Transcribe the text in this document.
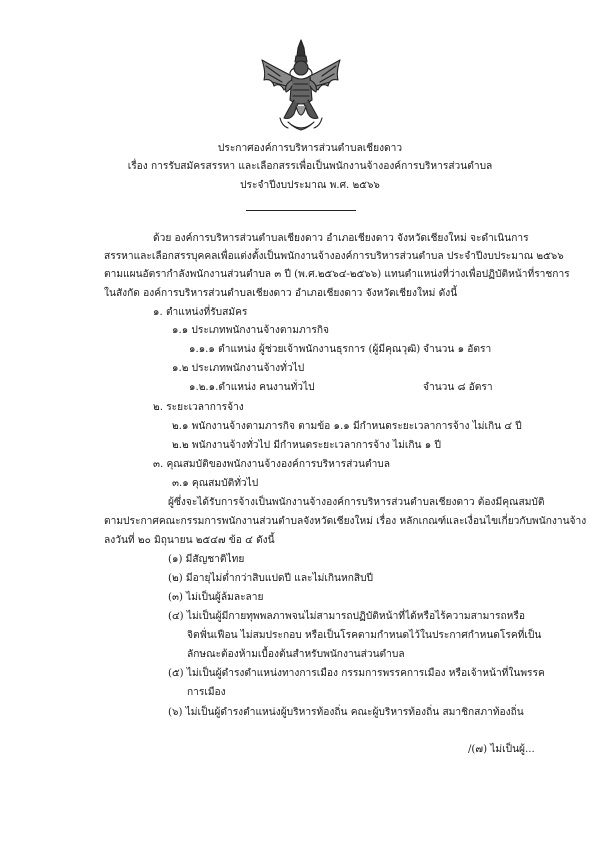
ประกาศองค์การบริหารส่วนตำบลเชียงดาว
เรื่อง การรับสมัครสรรหา และเลือกสรรเพื่อเป็นพนักงานจ้างองค์การบริหารส่วนตำบล
ประจำปีงบประมาณ พ.ศ. ๒๕๖๖
ด้วย องค์การบริหารส่วนตำบลเชียงดาว อำเภอเชียงดาว จังหวัดเชียงใหม่ จะดำเนินการ
สรรหาและเลือกสรรบุคคลเพื่อแต่งตั้งเป็นพนักงานจ้างองค์การบริหารส่วนตำบล ประจำปีงบประมาณ ๒๕๖๖
ตามแผนอัตรากำลังพนักงานส่วนตำบล ๓ ปี (พ.ศ.๒๕๖๔-๒๕๖๖) แทนตำแหน่งที่ว่างเพื่อปฏิบัติหน้าที่ราชการ
ในสังกัด องค์การบริหารส่วนตำบลเชียงดาว อำเภอเชียงดาว จังหวัดเชียงใหม่ ดังนี้
๑. ตำแหน่งที่รับสมัคร
๑.๑ ประเภทพนักงานจ้างตามภารกิจ
๑.๑.๑ ตำแหน่ง ผู้ช่วยเจ้าพนักงานธุรการ (ผู้มีคุณวุฒิ) จำนวน ๑ อัตรา
๑.๒ ประเภทพนักงานจ้างทั่วไป
๑.๒.๑.ตำแหน่ง คนงานทั่วไป	จำนวน ๘ อัตรา
๒. ระยะเวลาการจ้าง
๒.๑ พนักงานจ้างตามภารกิจ ตามข้อ ๑.๑ มีกำหนดระยะเวลาการจ้าง ไม่เกิน ๔ ปี
๒.๒ พนักงานจ้างทั่วไป มีกำหนดระยะเวลาการจ้าง ไม่เกิน ๑ ปี
๓. คุณสมบัติของพนักงานจ้างองค์การบริหารส่วนตำบล
๓.๑ คุณสมบัติทั่วไป
ผู้ซึ่งจะได้รับการจ้างเป็นพนักงานจ้างองค์การบริหารส่วนตำบลเชียงดาว ต้องมีคุณสมบัติ
ตามประกาศคณะกรรมการพนักงานส่วนตำบลจังหวัดเชียงใหม่ เรื่อง หลักเกณฑ์และเงื่อนไขเกี่ยวกับพนักงานจ้าง
ลงวันที่ ๒๐ มิถุนายน ๒๕๔๗ ข้อ ๔ ดังนี้
(๑) มีสัญชาติไทย
(๒) มีอายุไม่ต่ำกว่าสิบแปดปี และไม่เกินหกสิบปี
(๓) ไม่เป็นผู้ล้มละลาย
(๔) ไม่เป็นผู้มีกายทุพพลภาพจนไม่สามารถปฏิบัติหน้าที่ได้หรือไร้ความสามารถหรือ
จิตฟั่นเฟือน ไม่สมประกอบ หรือเป็นโรคตามกำหนดไว้ในประกาศกำหนดโรคที่เป็น
ลักษณะต้องห้ามเบื้องต้นสำหรับพนักงานส่วนตำบล
(๕) ไม่เป็นผู้ดำรงตำแหน่งทางการเมือง กรรมการพรรคการเมือง หรือเจ้าหน้าที่ในพรรค
การเมือง
(๖) ไม่เป็นผู้ดำรงตำแหน่งผู้บริหารท้องถิ่น คณะผู้บริหารท้องถิ่น สมาชิกสภาท้องถิ่น
/(๗) ไม่เป็นผู้...
